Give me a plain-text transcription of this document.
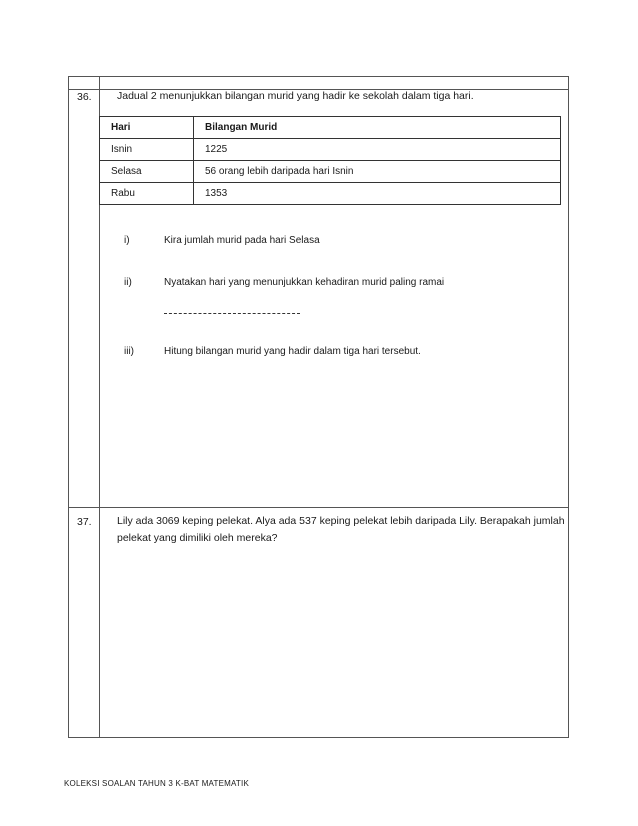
36. Jadual 2 menunjukkan bilangan murid yang hadir ke sekolah dalam tiga hari.
Hari	Bilangan Murid
Isnin	1225
Selasa	56 orang lebih daripada hari Isnin
Rabu	1353
i)	Kira jumlah murid pada hari Selasa
ii)	Nyatakan hari yang menunjukkan kehadiran murid paling ramai
iii)	Hitung bilangan murid yang hadir dalam tiga hari tersebut.
37. Lily ada 3069 keping pelekat. Alya ada 537 keping pelekat lebih daripada Lily. Berapakah jumlah
pelekat yang dimiliki oleh mereka?
KOLEKSI SOALAN TAHUN 3 K-BAT MATEMATIK
